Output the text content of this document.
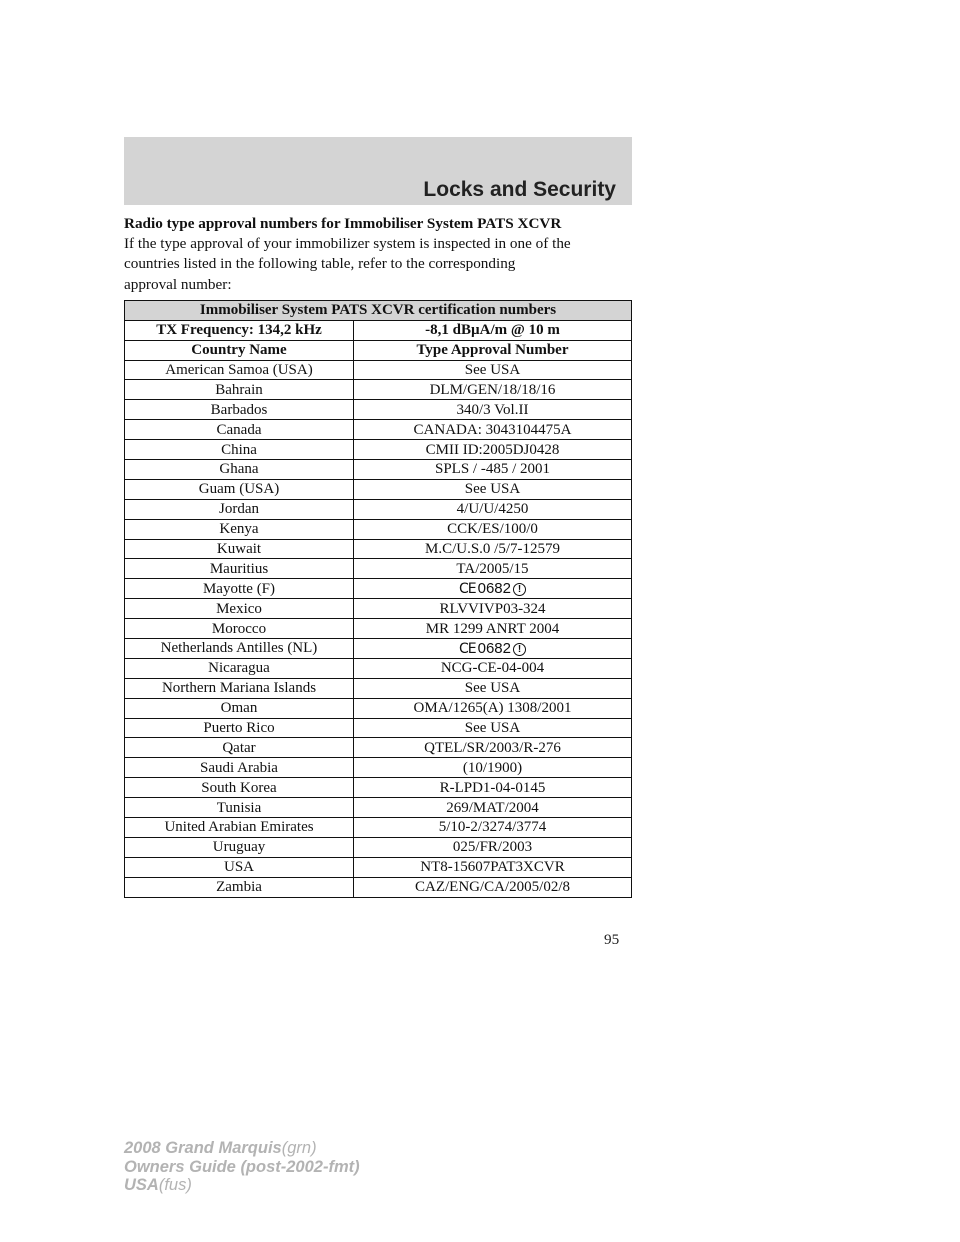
Locks and Security
Radio type approval numbers for Immobiliser System PATS XCVR
If the type approval of your immobilizer system is inspected in one of the
countries listed in the following table, refer to the corresponding
approval number:
Immobiliser System PATS XCVR certification numbers	
TX Frequency: 134,2 kHz	-8,1 dBµA/m @ 10 m
Country Name	Type Approval Number
American Samoa (USA)	See USA
Bahrain	DLM/GEN/18/18/16
Barbados	340/3 Vol.II
Canada	CANADA: 3043104475A
China	CMII ID:2005DJ0428
Ghana	SPLS / -485 / 2001
Guam (USA)	See USA
Jordan	4/U/U/4250
Kenya	CCK/ES/100/0
Kuwait	M.C/U.S.0 /5/7-12579
Mauritius	TA/2005/15
Mayotte (F)	CE 0682 !

Mexico	RLVVIVP03-324
Morocco	MR 1299 ANRT 2004
Netherlands Antilles (NL)	CE 0682 !

Nicaragua	NCG-CE-04-004
Northern Mariana Islands	See USA
Oman	OMA/1265(A) 1308/2001
Puerto Rico	See USA
Qatar	QTEL/SR/2003/R-276
Saudi Arabia	(10/1900)
South Korea	R-LPD1-04-0145
Tunisia	269/MAT/2004
United Arabian Emirates	5/10-2/3274/3774
Uruguay	025/FR/2003
USA	NT8-15607PAT3XCVR
Zambia	CAZ/ENG/CA/2005/02/8
95
2008 Grand Marquis(grn)
Owners Guide (post-2002-fmt)
USA(fus)
